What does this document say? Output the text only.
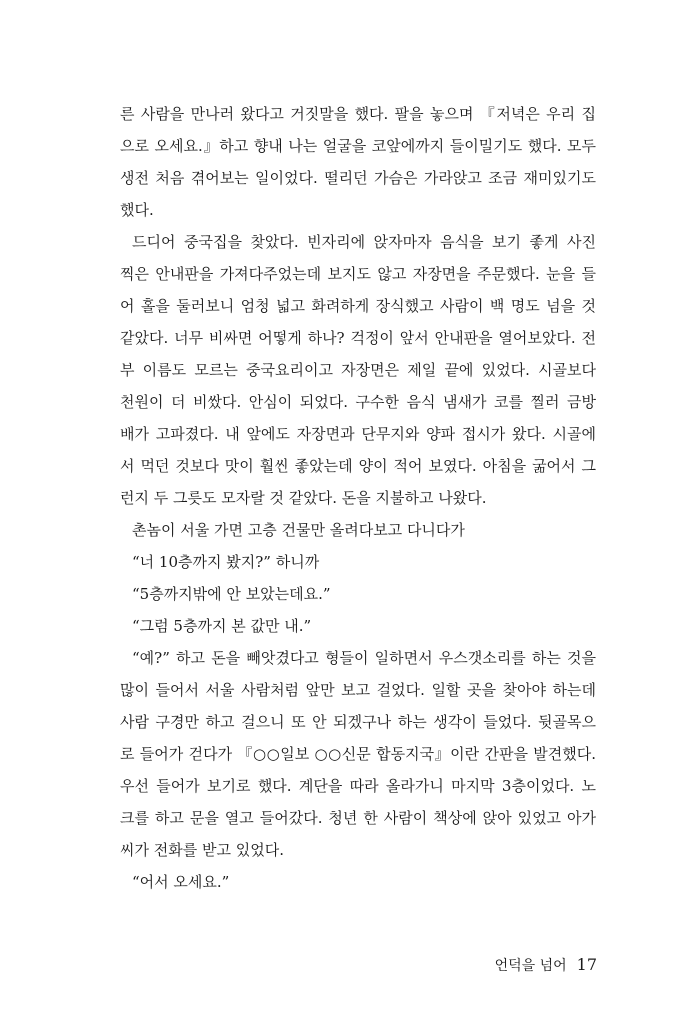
른 사람을 만나러 왔다고 거짓말을 했다. 팔을 놓으며 『저녁은 우리 집
으로 오세요.』하고 향내 나는 얼굴을 코앞에까지 들이밀기도 했다. 모두
생전 처음 겪어보는 일이었다. 떨리던 가슴은 가라앉고 조금 재미있기도
했다.
드디어 중국집을 찾았다. 빈자리에 앉자마자 음식을 보기 좋게 사진
찍은 안내판을 가져다주었는데 보지도 않고 자장면을 주문했다. 눈을 들
어 홀을 둘러보니 엄청 넓고 화려하게 장식했고 사람이 백 명도 넘을 것
같았다. 너무 비싸면 어떻게 하나? 걱정이 앞서 안내판을 열어보았다. 전
부 이름도 모르는 중국요리이고 자장면은 제일 끝에 있었다. 시골보다
천원이 더 비쌌다. 안심이 되었다. 구수한 음식 냄새가 코를 찔러 금방
배가 고파졌다. 내 앞에도 자장면과 단무지와 양파 접시가 왔다. 시골에
서 먹던 것보다 맛이 훨씬 좋았는데 양이 적어 보였다. 아침을 굶어서 그
런지 두 그릇도 모자랄 것 같았다. 돈을 지불하고 나왔다.
촌놈이 서울 가면 고층 건물만 올려다보고 다니다가
“너 10층까지 봤지?” 하니까
“5층까지밖에 안 보았는데요.”
“그럼 5층까지 본 값만 내.”
“예?” 하고 돈을 빼앗겼다고 형들이 일하면서 우스갯소리를 하는 것을
많이 들어서 서울 사람처럼 앞만 보고 걸었다. 일할 곳을 찾아야 하는데
사람 구경만 하고 걸으니 또 안 되겠구나 하는 생각이 들었다. 뒷골목으
로 들어가 걷다가 『○○일보 ○○신문 합동지국』이란 간판을 발견했다.
우선 들어가 보기로 했다. 계단을 따라 올라가니 마지막 3층이었다. 노
크를 하고 문을 열고 들어갔다. 청년 한 사람이 책상에 앉아 있었고 아가
씨가 전화를 받고 있었다.
“어서 오세요.”
언덕을 넘어 17
